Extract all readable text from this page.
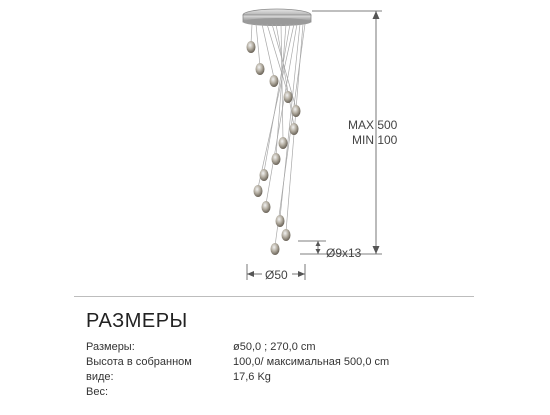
MAX 500
MIN 100
Ø9x13
Ø50
РАЗМЕРЫ
Размеры:
Высота в собранном
виде:
Вес:
ø50,0 ; 270,0 cm
100,0/ максимальная 500,0 cm
17,6 Kg
